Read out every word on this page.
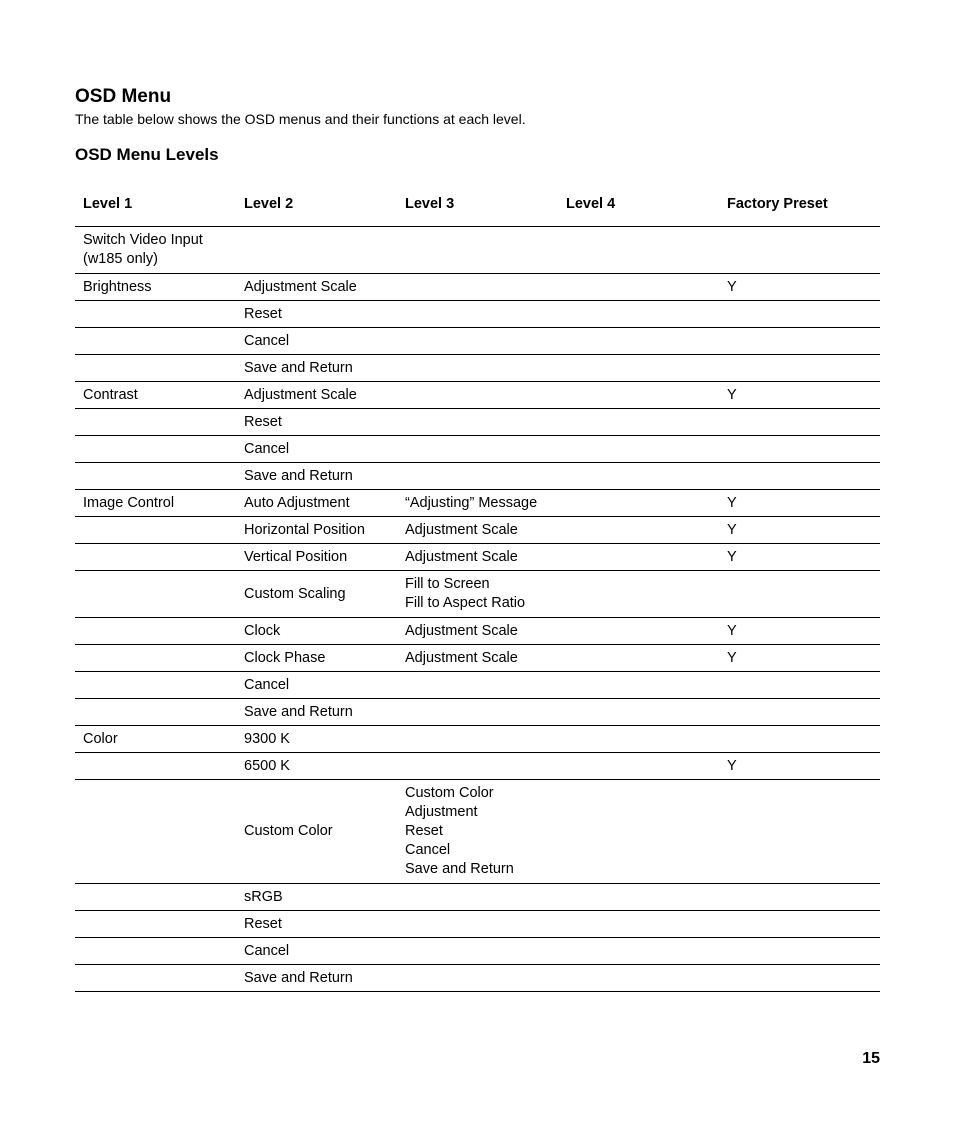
OSD Menu

The table below shows the OSD menus and their functions at each level.

OSD Menu Levels
Level 1	Level 2	Level 3	Level 4	Factory Preset

Switch Video Input
(w185 only)				

Brightness	Adjustment Scale			Y

	Reset			

	Cancel			

	Save and Return			

Contrast	Adjustment Scale			Y

	Reset			

	Cancel			

	Save and Return			

Image Control	Auto Adjustment	“Adjusting” Message		Y

	Horizontal Position	Adjustment Scale		Y

	Vertical Position	Adjustment Scale		Y

	Custom Scaling	Fill to Screen
Fill to Aspect Ratio		

	Clock	Adjustment Scale		Y

	Clock Phase	Adjustment Scale		Y

	Cancel			

	Save and Return			

Color	9300 K			

	6500 K			Y

	Custom Color	Custom Color
Adjustment
Reset
Cancel
Save and Return		

	sRGB			

	Reset			

	Cancel			

	Save and Return			

15
